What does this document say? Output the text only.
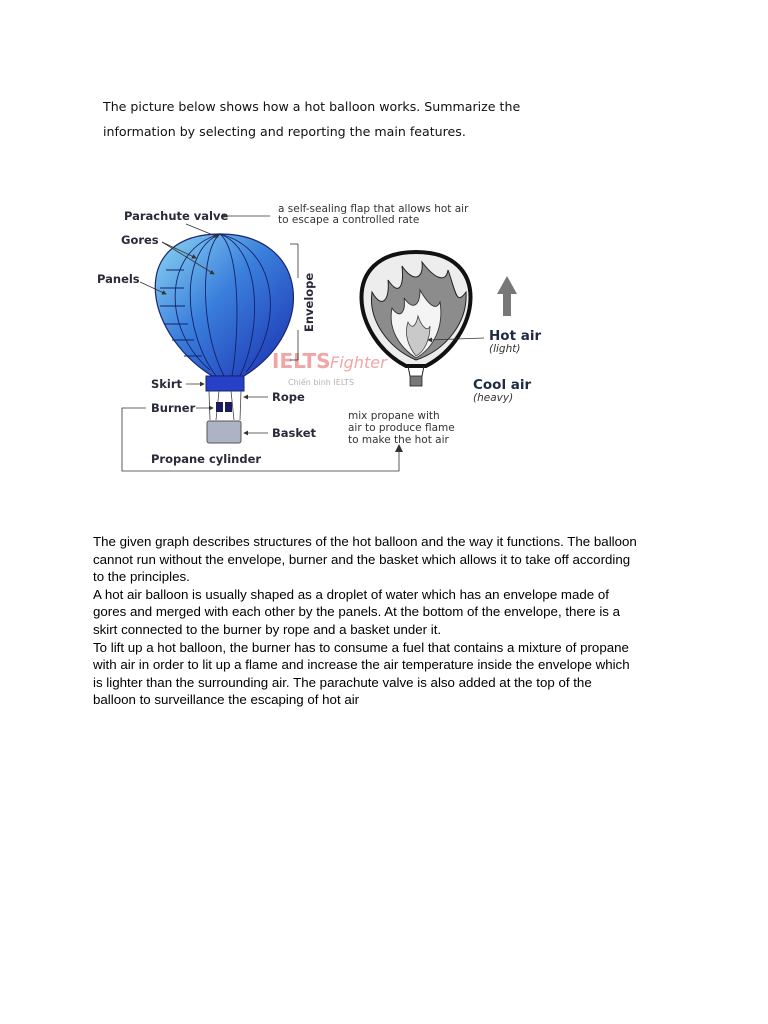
The picture below shows how a hot balloon works. Summarize the

information by selecting and reporting the main features.

IELTS Fighter
Chiến binh IELTS
Parachute valve	a self-sealing flap that allows hot air
to escape a controlled rate
Gores
Panels	Envelope
Skirt
Burner
Rope
Basket
Propane cylinder
mix propane with
air to produce flame
to make the hot air
Hot air
(light)
Cool air
(heavy)

The given graph describes structures of the hot balloon and the way it functions. The balloon

cannot run without the envelope, burner and the basket which allows it to take off according

to the principles.

A hot air balloon is usually shaped as a droplet of water which has an envelope made of

gores and merged with each other by the panels. At the bottom of the envelope, there is a

skirt connected to the burner by rope and a basket under it.

To lift up a hot balloon, the burner has to consume a fuel that contains a mixture of propane

with air in order to lit up a flame and increase the air temperature inside the envelope which

is lighter than the surrounding air. The parachute valve is also added at the top of the

balloon to surveillance the escaping of hot air
